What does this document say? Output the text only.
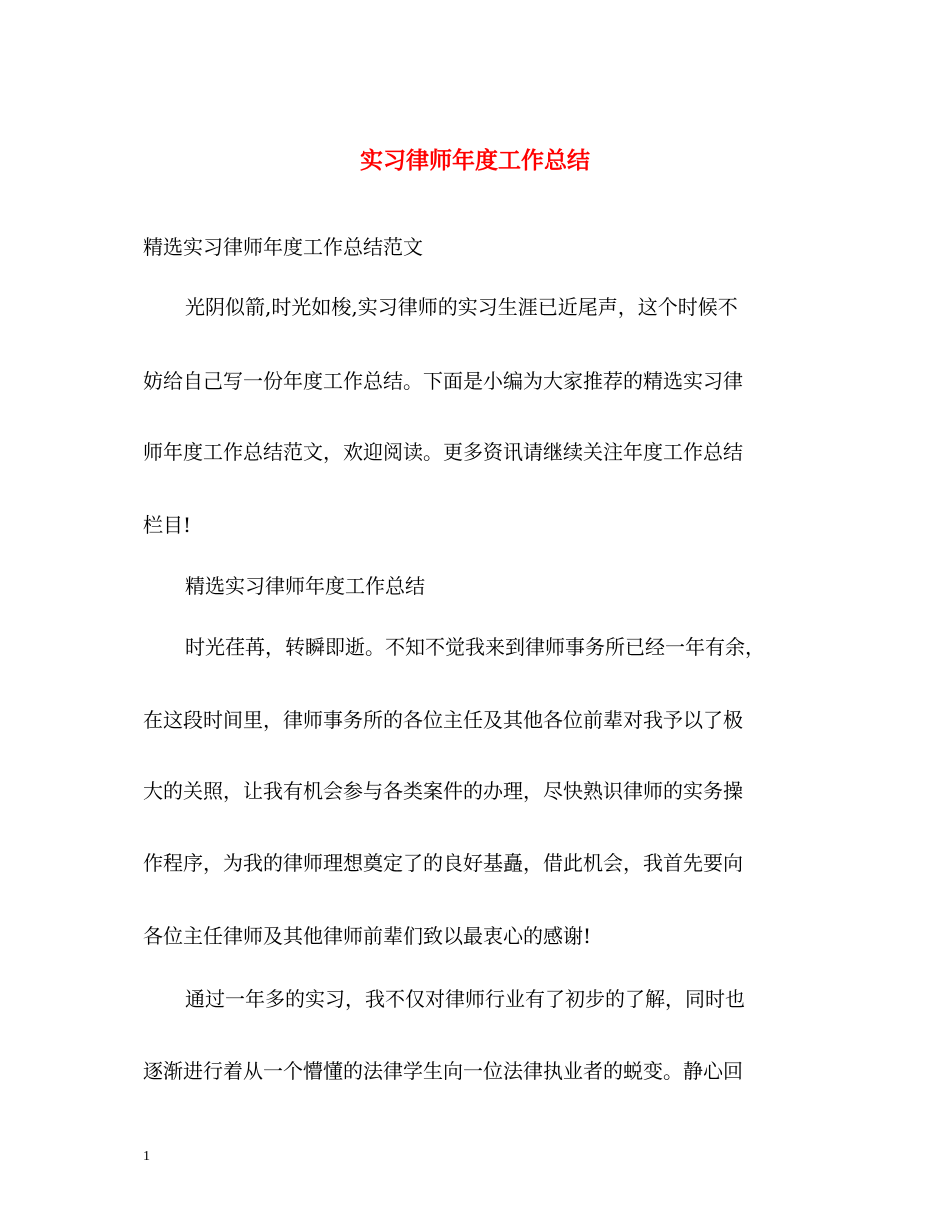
实习律师年度工作总结
精选实习律师年度工作总结范文
光阴似箭,时光如梭,实习律师的实习生涯已近尾声，这个时候不
妨给自己写一份年度工作总结。下面是小编为大家推荐的精选实习律
师年度工作总结范文，欢迎阅读。更多资讯请继续关注年度工作总结
栏目!
精选实习律师年度工作总结
时光荏苒，转瞬即逝。不知不觉我来到律师事务所已经一年有余，
在这段时间里，律师事务所的各位主任及其他各位前辈对我予以了极
大的关照，让我有机会参与各类案件的办理，尽快熟识律师的实务操
作程序，为我的律师理想奠定了的良好基矗，借此机会，我首先要向
各位主任律师及其他律师前辈们致以最衷心的感谢!
通过一年多的实习，我不仅对律师行业有了初步的了解，同时也
逐渐进行着从一个懵懂的法律学生向一位法律执业者的蜕变。静心回
1
